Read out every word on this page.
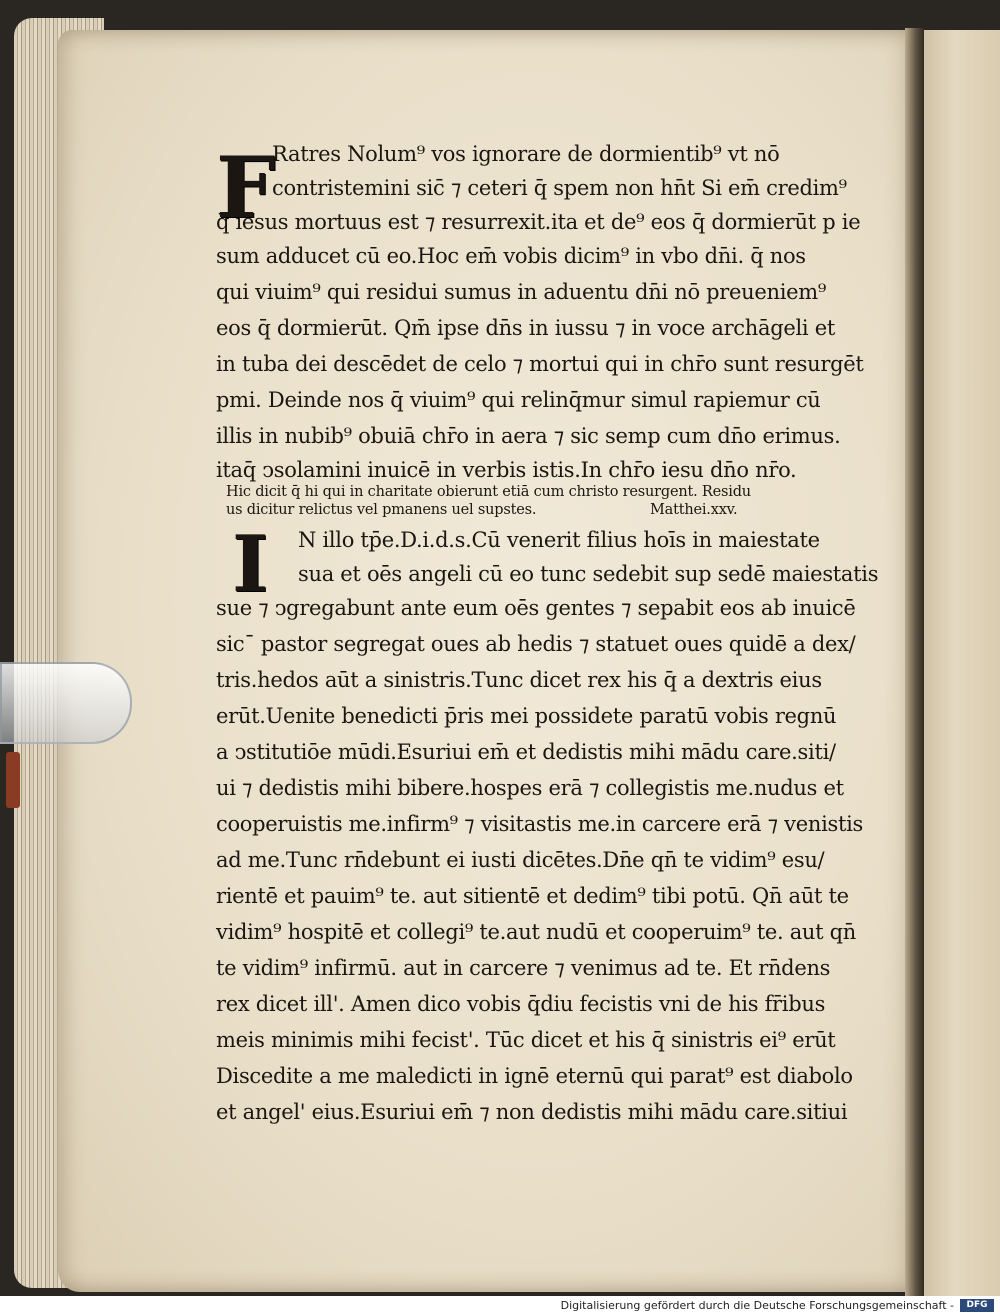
F
I
Ratres Nolum⁹ vos ignorare de dormientib⁹ vt nō
contristemini sic̄ ⁊ ceteri q̄ spem non hn̄t Si em̄ credim⁹
q̄ iesus mortuus est ⁊ resurrexit.ita et de⁹ eos q̄ dormierūt p ie
sum adducet cū eo.Hoc em̄ vobis dicim⁹ in vbo dn̄i. q̄ nos
qui viuim⁹ qui residui sumus in aduentu dn̄i nō preueniem⁹
eos q̄ dormierūt. Qm̄ ipse dn̄s in iussu ⁊ in voce archāgeli et
in tuba dei descēdet de celo ⁊ mortui qui in chr̄o sunt resurgēt
pmi. Deinde nos q̄ viuim⁹ qui relinq̄mur simul rapiemur cū
illis in nubib⁹ obuiā chr̄o in aera ⁊ sic semp cum dn̄o erimus.
itaq̄ ↄsolamini inuicē in verbis istis.In chr̄o iesu dn̄o nr̄o.
Hic dicit q̄ hi qui in charitate obierunt etiā cum christo resurgent. Residu
us dicitur relictus vel pmanens uel supstes.	Matthei.xxv.
N illo tp̄e.D.i.d.s.Cū venerit filius hoīs in maiestate
sua et oēs angeli cū eo tunc sedebit sup sedē maiestatis
sue ⁊ ↄgregabunt ante eum oēs gentes ⁊ sepabit eos ab inuicē
sicˉ pastor segregat oues ab hedis ⁊ statuet oues quidē a dex/
tris.hedos aūt a sinistris.Tunc dicet rex his q̄ a dextris eius
erūt.Uenite benedicti p̄ris mei possidete paratū vobis regnū
a ↄstitutiōe mūdi.Esuriui em̄ et dedistis mihi mādu care.siti/
ui ⁊ dedistis mihi bibere.hospes erā ⁊ collegistis me.nudus et
cooperuistis me.infirm⁹ ⁊ visitastis me.in carcere erā ⁊ venistis
ad me.Tunc rn̄debunt ei iusti dicētes.Dn̄e qn̄ te vidim⁹ esu/
rientē et pauim⁹ te. aut sitientē et dedim⁹ tibi potū. Qn̄ aūt te
vidim⁹ hospitē et collegi⁹ te.aut nudū et cooperuim⁹ te. aut qn̄
te vidim⁹ infirmū. aut in carcere ⁊ venimus ad te. Et rn̄dens
rex dicet ill'. Amen dico vobis q̄diu fecistis vni de his fr̄ibus
meis minimis mihi fecist'. Tūc dicet et his q̄ sinistris ei⁹ erūt
Discedite a me maledicti in ignē eternū qui parat⁹ est diabolo
et angel' eius.Esuriui em̄ ⁊ non dedistis mihi mādu care.sitiui
Digitalisierung gefördert durch die Deutsche Forschungsgemeinschaft -	DFG
